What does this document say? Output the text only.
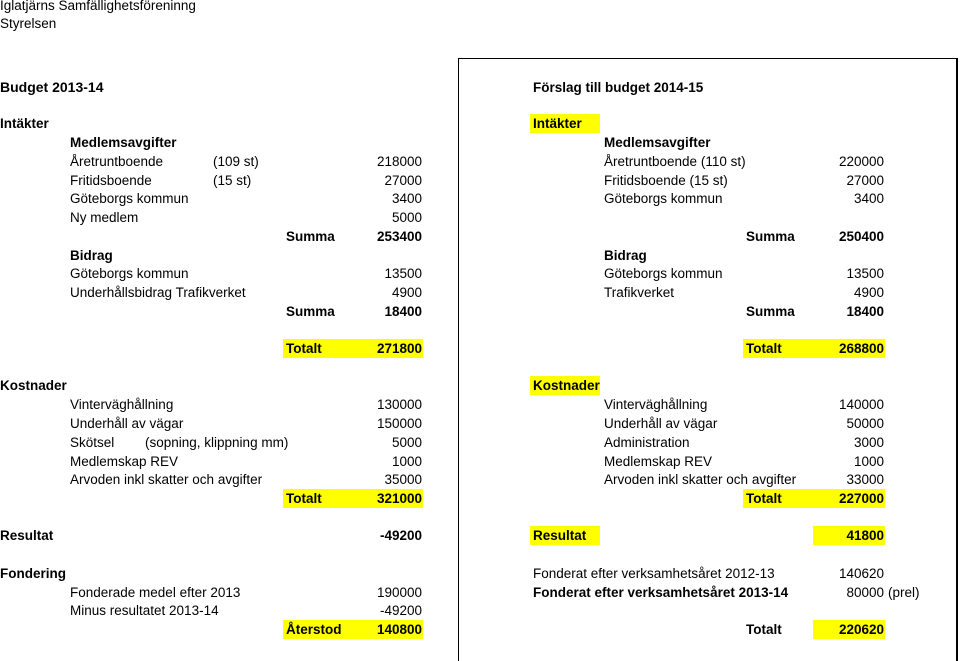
Iglatjärns Samfällighetsföreninng
Styrelsen
Budget 2013-14
Intäkter
Medlemsavgifter
Åretruntboende	(109 st)	218000
Fritidsboende	(15 st)	27000
Göteborgs kommun	3400
Ny medlem	5000
Summa	253400
Bidrag
Göteborgs kommun	13500
Underhållsbidrag Trafikverket	4900
Summa	18400
Totalt	271800
Kostnader
Vinterväghållning	130000
Underhåll av vägar	150000
Skötsel (sopning, klippning mm)	5000
Medlemskap REV	1000
Arvoden inkl skatter och avgifter	35000
Totalt	321000
Resultat	-49200
Fondering
Fonderade medel efter 2013	190000
Minus resultatet 2013-14	-49200
Återstod	140800
Förslag till budget 2014-15
Intäkter
Medlemsavgifter
Åretruntboende (110 st)	220000
Fritidsboende (15 st)	27000
Göteborgs kommun	3400
Summa	250400
Bidrag
Göteborgs kommun	13500
Trafikverket	4900
Summa	18400
Totalt	268800
Kostnader
Vinterväghållning	140000
Underhåll av vägar	50000
Administration	3000
Medlemskap REV	1000
Arvoden inkl skatter och avgifter	33000
Totalt	227000
Resultat	41800
Fonderat efter verksamhetsåret 2012-13	140620
Fonderat efter verksamhetsåret 2013-14	80000 (prel)
Totalt	220620
